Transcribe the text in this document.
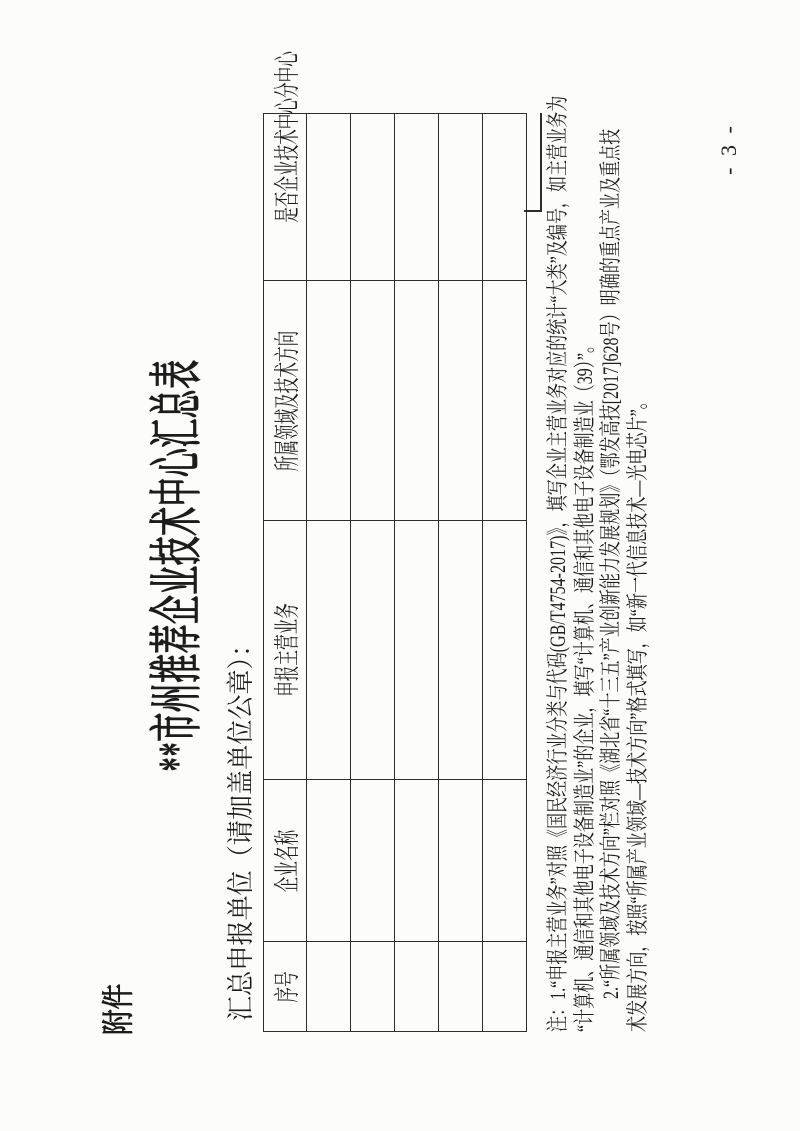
附件
**市州推荐企业技术中心汇总表
汇总申报单位（请加盖单位公章）： 序号	企业名称	申报主营业务	所属领域及技术方向	是否企业技术中心分中心

					注：1.“申报主营业务”对照《国民经济行业分类与代码(GB/T4754-2017)》，填写企业主营业务对应的统计“大类”及编号，如主营业务为 “计算机、通信和其他电子设备制造业”的企业，填写“计算机、通信和其他电子设备制造业（39）”。 2.“所属领域及技术方向”栏对照《湖北省“十三五”产业创新能力发展规划》（鄂发高技[2017]628号）明确的重点产业及重点技 术发展方向，按照“所属产业领域—技术方向”格式填写，如“新一代信息技术—光电芯片”。
- 3 -
